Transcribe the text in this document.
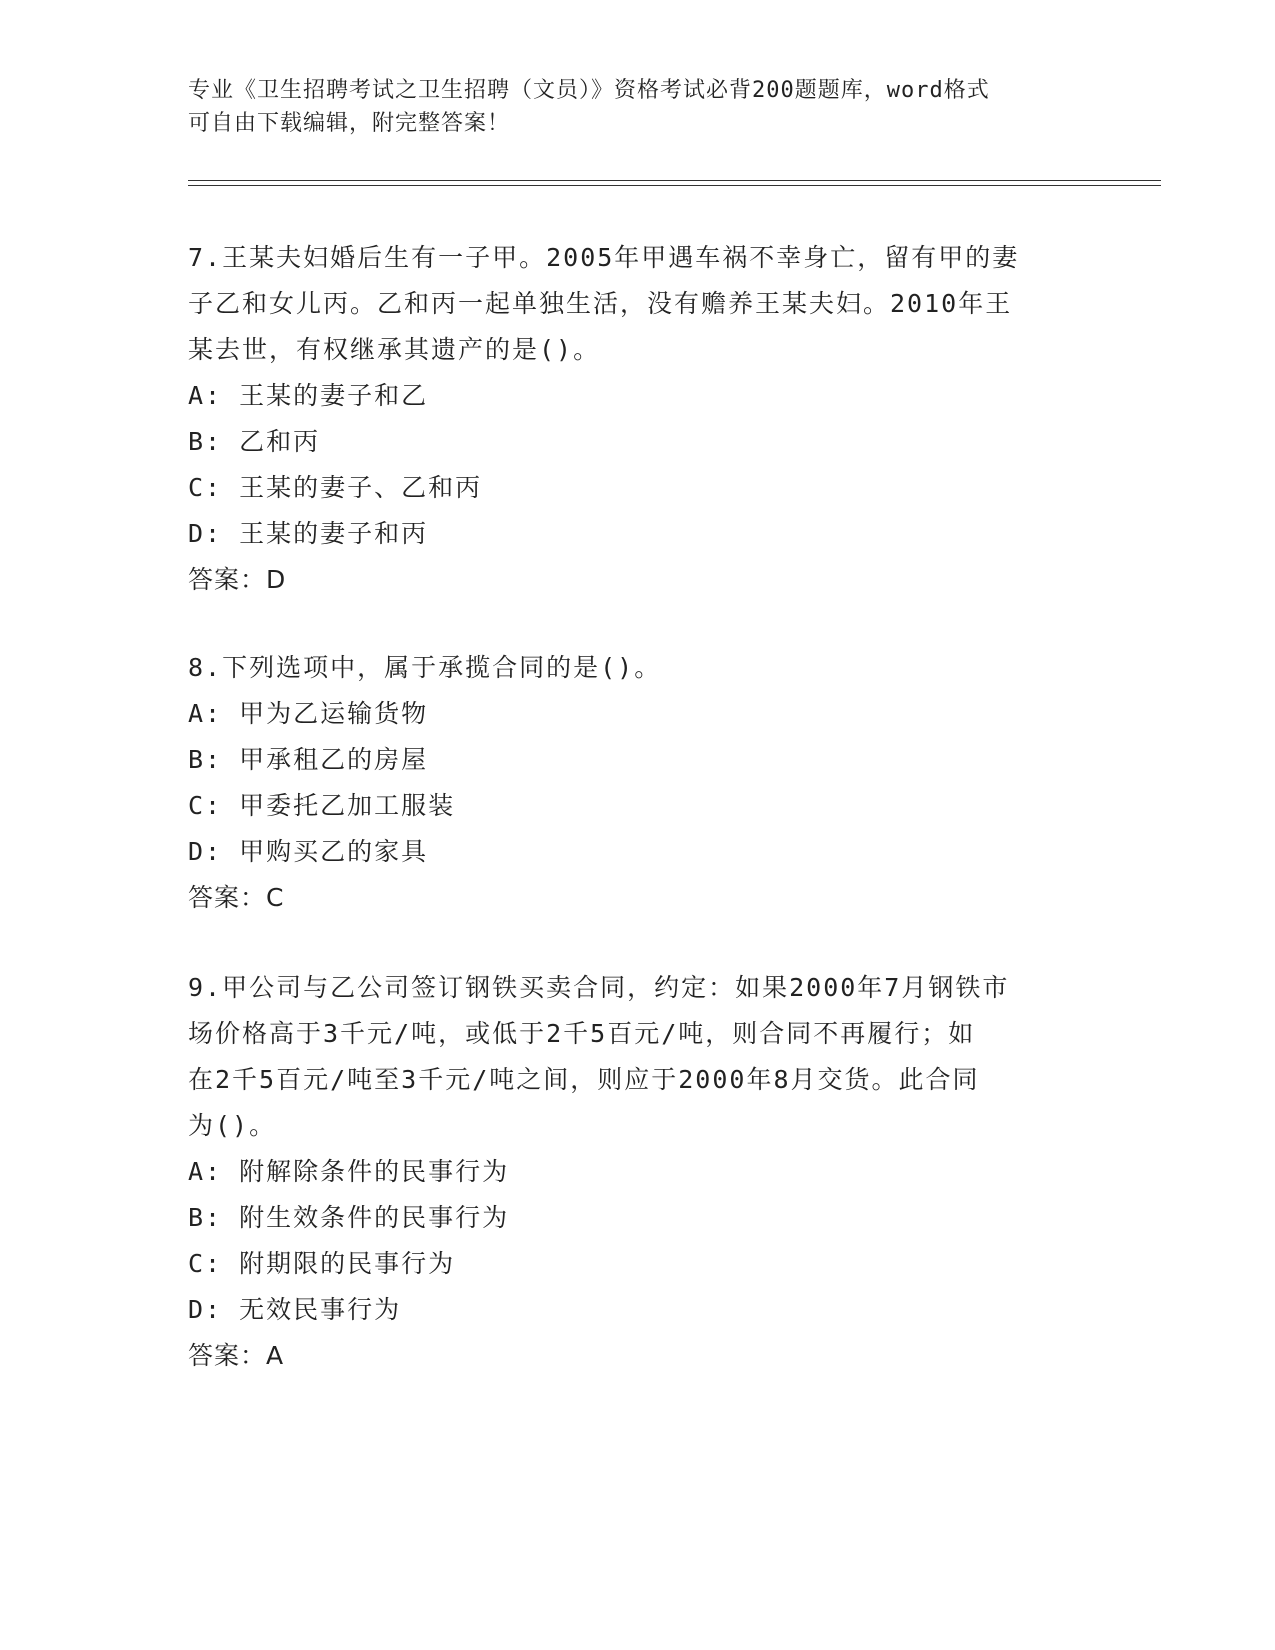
专业《卫生招聘考试之卫生招聘（文员）》资格考试必背200题题库，word格式
可自由下载编辑，附完整答案！
7.王某夫妇婚后生有一子甲。2005年甲遇车祸不幸身亡，留有甲的妻
子乙和女儿丙。乙和丙一起单独生活，没有赡养王某夫妇。2010年王
某去世，有权继承其遗产的是()。
A: 王某的妻子和乙
B: 乙和丙
C: 王某的妻子、乙和丙
D: 王某的妻子和丙
答案：D
8.下列选项中，属于承揽合同的是()。
A: 甲为乙运输货物
B: 甲承租乙的房屋
C: 甲委托乙加工服装
D: 甲购买乙的家具
答案：C
9.甲公司与乙公司签订钢铁买卖合同，约定：如果2000年7月钢铁市
场价格高于3千元/吨，或低于2千5百元/吨，则合同不再履行；如
在2千5百元/吨至3千元/吨之间，则应于2000年8月交货。此合同
为()。
A: 附解除条件的民事行为
B: 附生效条件的民事行为
C: 附期限的民事行为
D: 无效民事行为
答案：A
